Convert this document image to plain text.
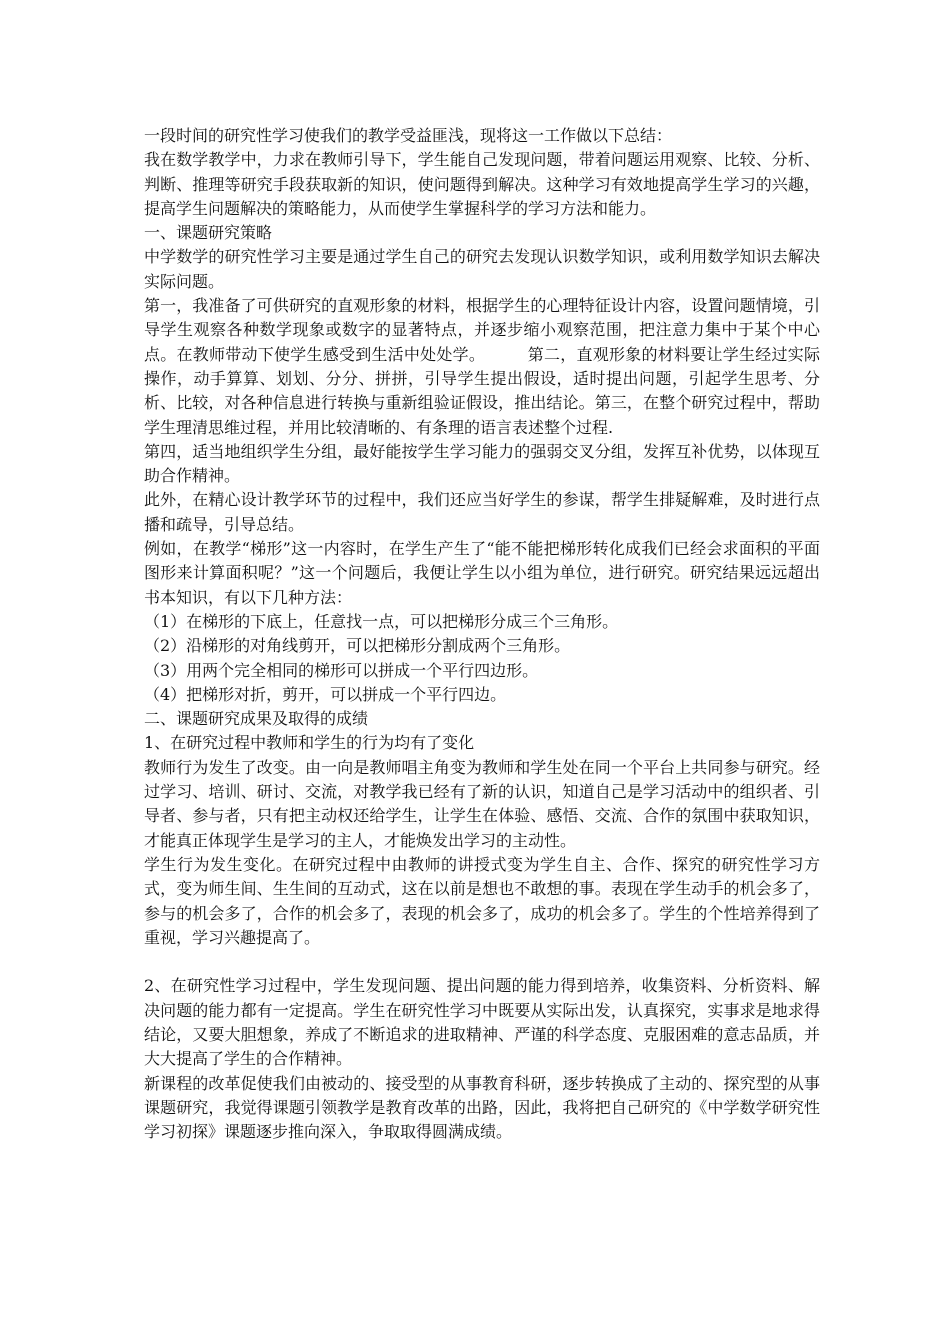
一段时间的研究性学习使我们的教学受益匪浅，现将这一工作做以下总结：

我在数学教学中，力求在教师引导下，学生能自己发现问题，带着问题运用观察、比较、分析、判断、推理等研究手段获取新的知识，使问题得到解决。这种学习有效地提高学生学习的兴趣，提高学生问题解决的策略能力，从而使学生掌握科学的学习方法和能力。

一、课题研究策略

中学数学的研究性学习主要是通过学生自己的研究去发现认识数学知识，或利用数学知识去解决实际问题。

第一，我准备了可供研究的直观形象的材料，根据学生的心理特征设计内容，设置问题情境，引导学生观察各种数学现象或数字的显著特点，并逐步缩小观察范围，把注意力集中于某个中心点。在教师带动下使学生感受到生活中处处学。        第二，直观形象的材料要让学生经过实际操作，动手算算、划划、分分、拼拼，引导学生提出假设，适时提出问题，引起学生思考、分析、比较，对各种信息进行转换与重新组验证假设，推出结论。第三，在整个研究过程中，帮助学生理清思维过程，并用比较清晰的、有条理的语言表述整个过程.

第四，适当地组织学生分组，最好能按学生学习能力的强弱交叉分组，发挥互补优势，以体现互助合作精神。

此外，在精心设计教学环节的过程中，我们还应当好学生的参谋，帮学生排疑解难，及时进行点播和疏导，引导总结。

例如，在教学“梯形”这一内容时，在学生产生了“能不能把梯形转化成我们已经会求面积的平面图形来计算面积呢？”这一个问题后，我便让学生以小组为单位，进行研究。研究结果远远超出书本知识，有以下几种方法：

（1）在梯形的下底上，任意找一点，可以把梯形分成三个三角形。

（2）沿梯形的对角线剪开，可以把梯形分割成两个三角形。

（3）用两个完全相同的梯形可以拼成一个平行四边形。

（4）把梯形对折，剪开，可以拼成一个平行四边。

二、课题研究成果及取得的成绩

1、在研究过程中教师和学生的行为均有了变化

教师行为发生了改变。由一向是教师唱主角变为教师和学生处在同一个平台上共同参与研究。经过学习、培训、研讨、交流，对教学我已经有了新的认识，知道自己是学习活动中的组织者、引导者、参与者，只有把主动权还给学生，让学生在体验、感悟、交流、合作的氛围中获取知识，才能真正体现学生是学习的主人，才能焕发出学习的主动性。

学生行为发生变化。在研究过程中由教师的讲授式变为学生自主、合作、探究的研究性学习方式，变为师生间、生生间的互动式，这在以前是想也不敢想的事。表现在学生动手的机会多了，参与的机会多了，合作的机会多了，表现的机会多了，成功的机会多了。学生的个性培养得到了重视，学习兴趣提高了。

2、在研究性学习过程中，学生发现问题、提出问题的能力得到培养，收集资料、分析资料、解决问题的能力都有一定提高。学生在研究性学习中既要从实际出发，认真探究，实事求是地求得结论，又要大胆想象，养成了不断追求的进取精神、严谨的科学态度、克服困难的意志品质，并大大提高了学生的合作精神。

新课程的改革促使我们由被动的、接受型的从事教育科研，逐步转换成了主动的、探究型的从事课题研究，我觉得课题引领教学是教育改革的出路，因此，我将把自己研究的《中学数学研究性学习初探》课题逐步推向深入，争取取得圆满成绩。
